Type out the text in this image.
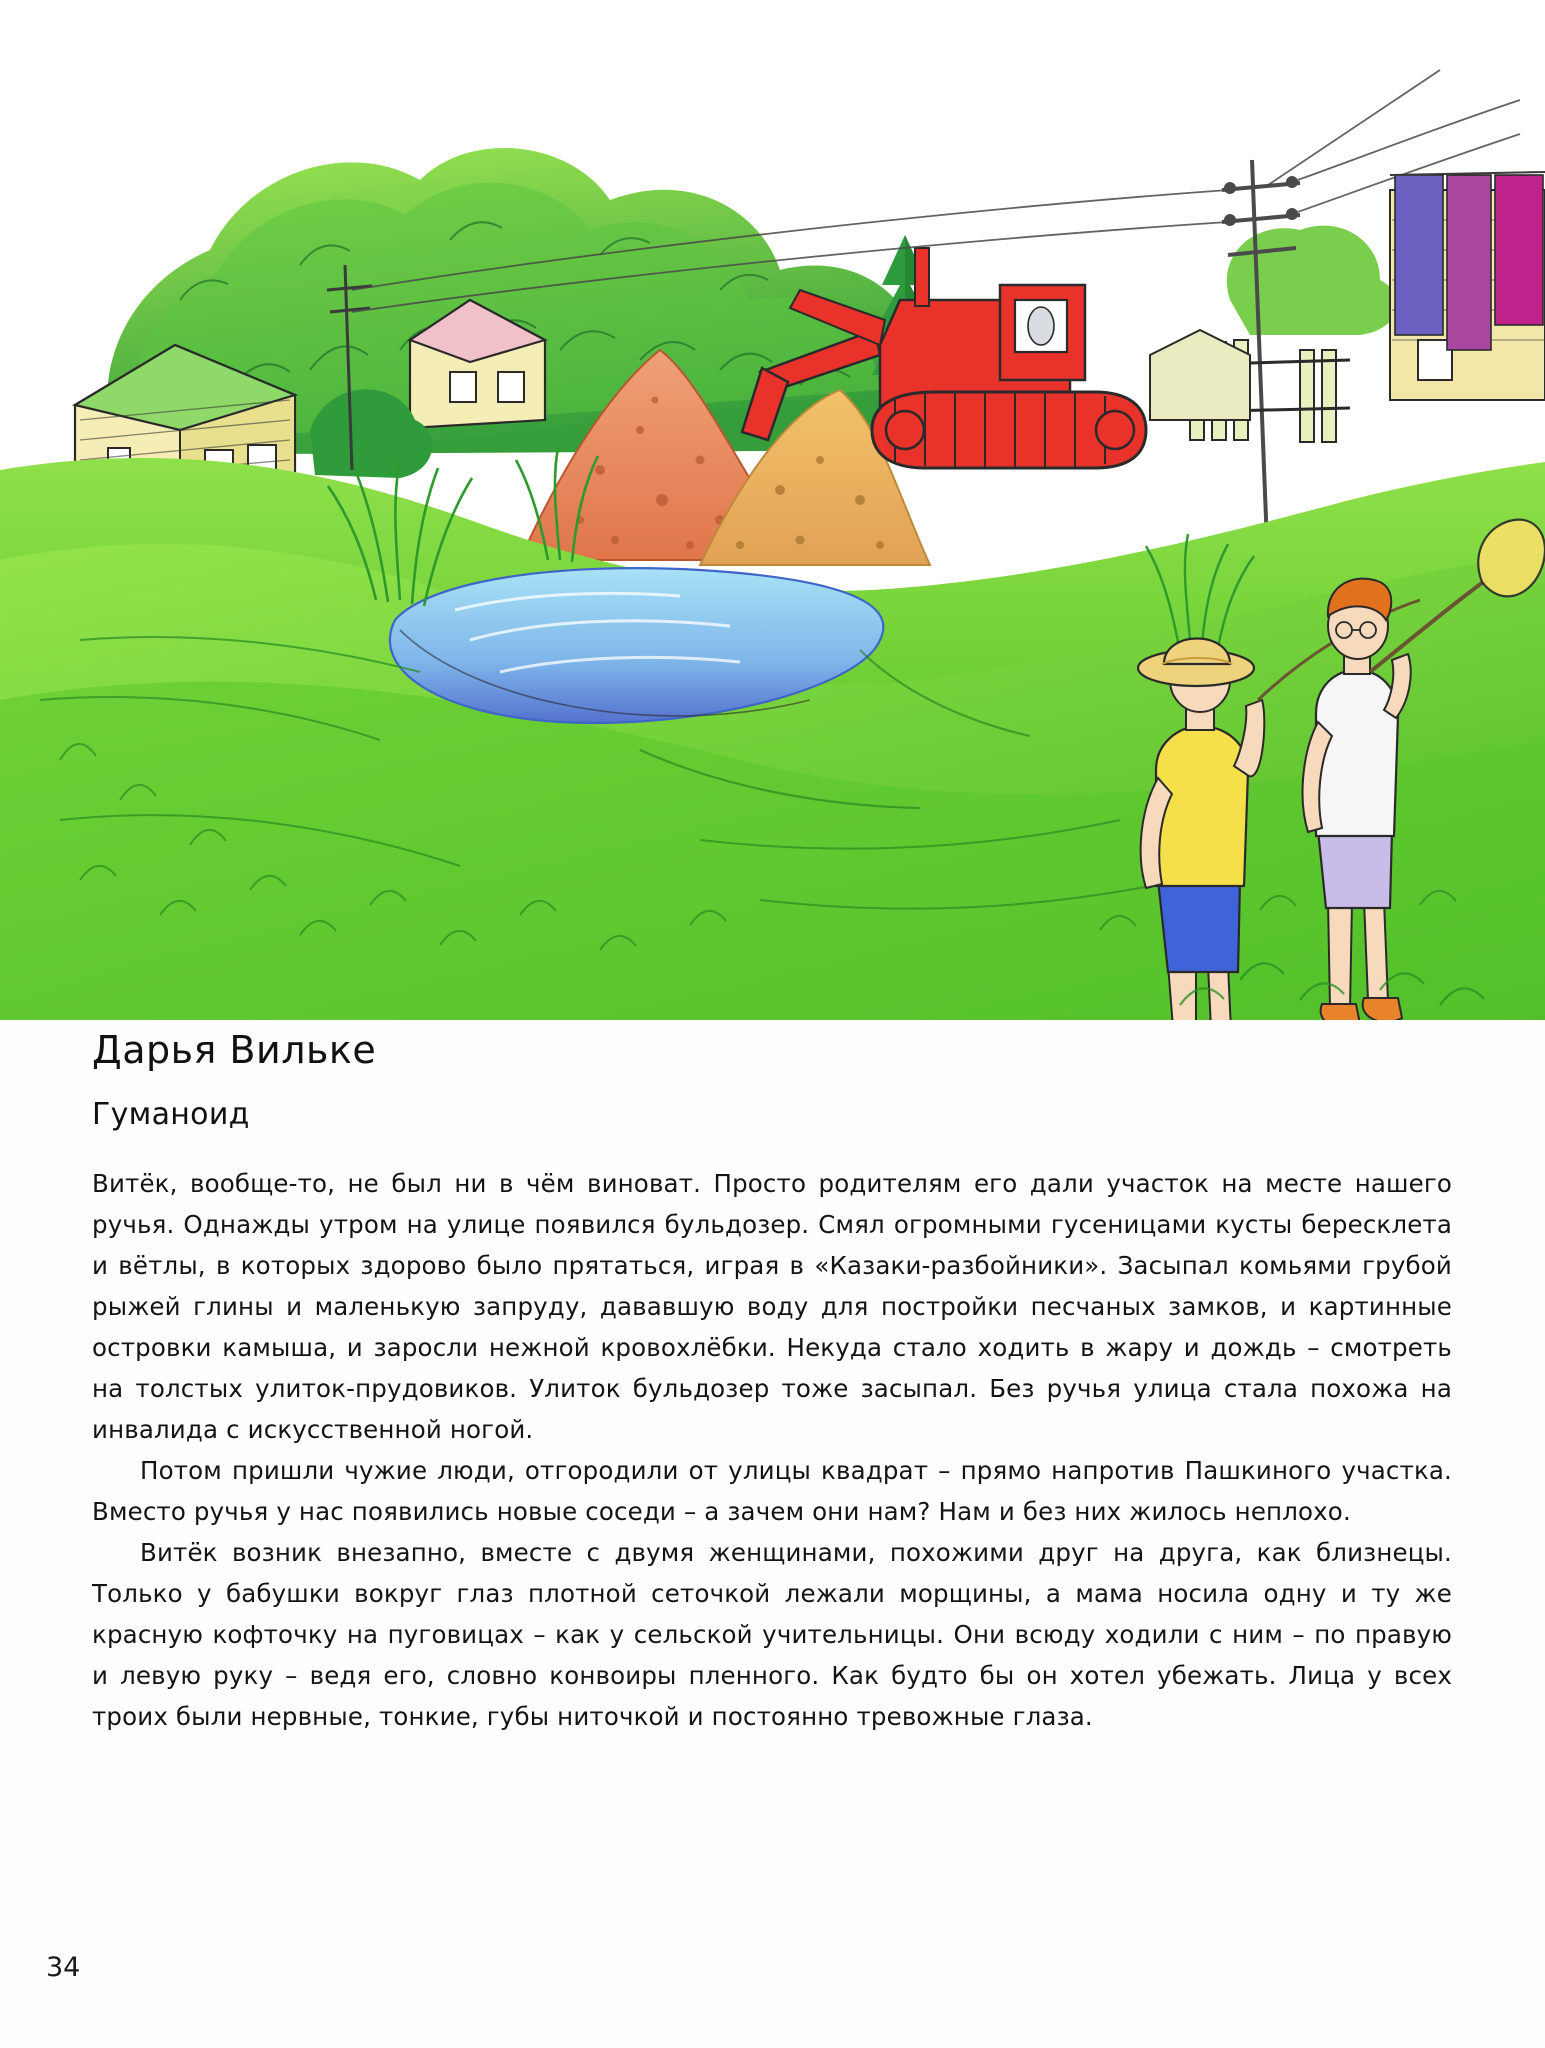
Дарья Вильке
Гуманоид

Витёк, вообще-то, не был ни в чём виноват. Просто родителям его дали участок на месте нашего ручья. Однажды утром на улице появился бульдозер. Смял огромными гусеницами кусты бересклета и вётлы, в которых здорово было прятаться, играя в «Казаки-разбойники». Засыпал комьями грубой рыжей глины и маленькую запруду, дававшую воду для постройки песчаных замков, и картинные островки камыша, и заросли нежной кровохлёбки. Некуда стало ходить в жару и дождь – смотреть на толстых улиток-прудовиков. Улиток бульдозер тоже засыпал. Без ручья улица стала похожа на инвалида с искусственной ногой.

Потом пришли чужие люди, отгородили от улицы квадрат – прямо напротив Пашкиного участка. Вместо ручья у нас появились новые соседи – а зачем они нам? Нам и без них жилось неплохо.

Витёк возник внезапно, вместе с двумя женщинами, похожими друг на друга, как близнецы. Только у бабушки вокруг глаз плотной сеточкой лежали морщины, а мама носила одну и ту же красную кофточку на пуговицах – как у сельской учительницы. Они всюду ходили с ним – по правую и левую руку – ведя его, словно конвоиры пленного. Как будто бы он хотел убежать. Лица у всех троих были нервные, тонкие, губы ниточкой и постоянно тревожные глаза.

34
